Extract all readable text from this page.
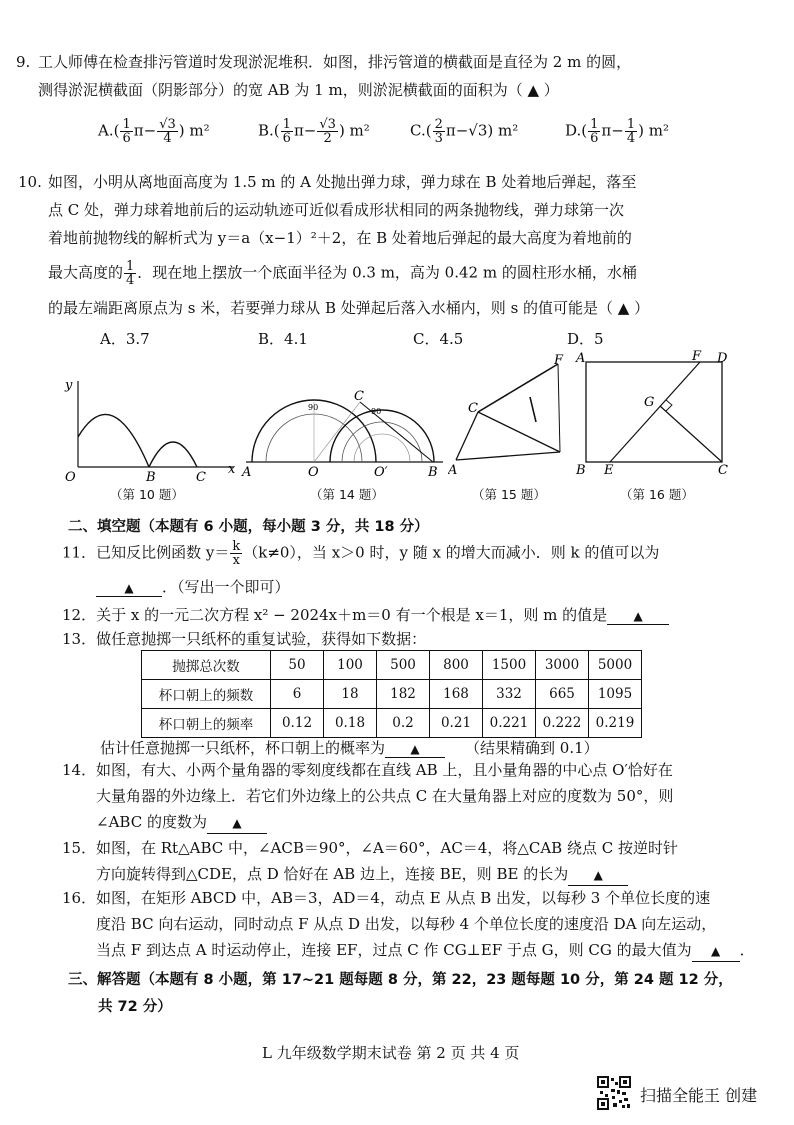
9. 工人师傅在检查排污管道时发现淤泥堆积．如图，排污管道的横截面是直径为 2 m 的圆，
测得淤泥横截面（阴影部分）的宽 AB 为 1 m，则淤泥横截面的面积为（ ▲ ）
$A.( \frac{1}{6} \pi- \frac{√3}{4}$ ) m²	$B.( \frac{1}{6} \pi- \frac{√3}{2}$ ) m²	$C.( \frac{2}{3} \pi-√3)$ m²	$D.( \frac{1}{6} \pi- \frac{1}{4}$ ) m²
10. 如图，小明从离地面高度为 1.5 m 的 A 处抛出弹力球，弹力球在 B 处着地后弹起，落至
点 C 处，弹力球着地前后的运动轨迹可近似看成形状相同的两条抛物线，弹力球第一次
着地前抛物线的解析式为 y＝a（x−1）²＋2，在 B 处着地后弹起的最大高度为着地前的
最大高度的 $\frac{1}{4}$ ．现在地上摆放一个底面半径为 0.3 m，高为 0.42 m 的圆柱形水桶，水桶
的最左端距离原点为 s 米，若要弹力球从 B 处弹起后落入水桶内，则 s 的值可能是（ ▲ ）
A．3.7	B．4.1	C．4.5	D．5
y
O	B	C
x
90	90
A	O
C
O′	B A
C
F A	F D
G
B E	C
（第 10 题）	（第 14 题）	（第 15 题）	（第 16 题）
二、填空题（本题有 6 小题，每小题 3 分，共 18 分）
11．已知反比例函数 $y= \frac{k}{x} (k\ne 0)$，当 x＞0 时，y 随 x 的增大而减小．则 k 的值可以为
▲ ．（写出一个即可）
12．关于 x 的一元二次方程 x² − 2024x＋m＝0 有一个根是 x＝1，则 m 的值是 ▲
13．做任意抛掷一只纸杯的重复试验，获得如下数据：
抛掷总次数	50	100	500	800	1500	3000	5000
杯口朝上的频数	6	18	182	168	332	665	1095
杯口朝上的频率	0.12	0.18	0.2	0.21	0.221	0.222	0.219
估计任意抛掷一只纸杯，杯口朝上的概率为 ▲	（结果精确到 0.1）
14． 如图，有大、小两个量角器的零刻度线都在直线 AB 上，且小量角器的中心点 O′恰好在
大量角器的外边缘上．若它们外边缘上的公共点 C 在大量角器上对应的度数为 50°，则
∠ABC 的度数为 ▲
15． 如图，在 Rt△ABC 中，∠ACB＝90°，∠A＝60°，AC＝4，将△CAB 绕点 C 按逆时针
方向旋转得到△CDE，点 D 恰好在 AB 边上，连接 BE，则 BE 的长为 ▲
16． 如图，在矩形 ABCD 中，AB＝3，AD＝4，动点 E 从点 B 出发，以每秒 3 个单位长度的速
度沿 BC 向右运动，同时动点 F 从点 D 出发，以每秒 4 个单位长度的速度沿 DA 向左运动，
当点 F 到达点 A 时运动停止，连接 EF，过点 C 作 CG⊥EF 于点 G，则 CG 的最大值为 ▲ ．
三、解答题（本题有 8 小题，第 17~21 题每题 8 分，第 22，23 题每题 10 分，第 24 题 12 分，
共 72 分）
L 九年级数学期末试卷 第 2 页 共 4 页
扫描全能王 创建
